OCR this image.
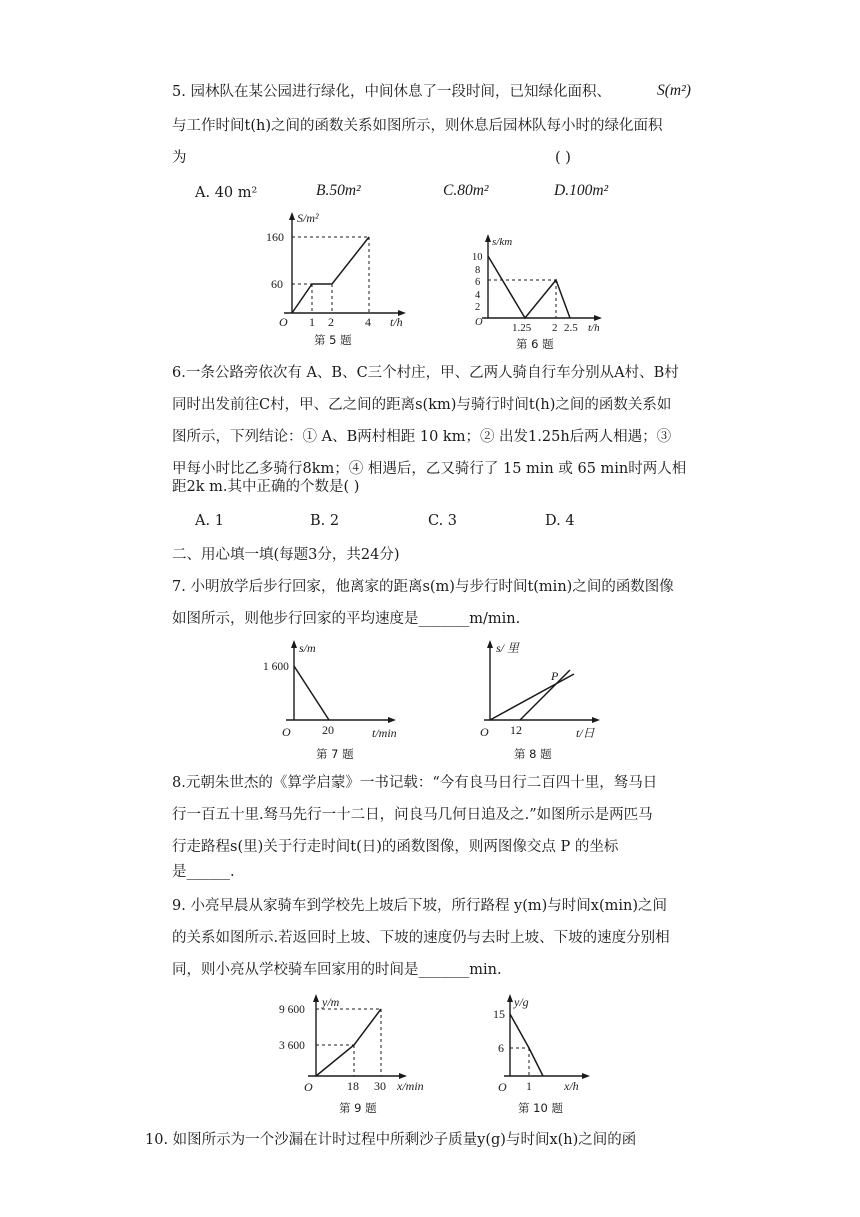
5. 园林队在某公园进行绿化，中间休息了一段时间，已知绿化面积、	S(m²)
与工作时间t(h)之间的函数关系如图所示，则休息后园林队每小时的绿化面积
为	( )
A. 40 m²	B.50m²	C.80m²	D.100m²
S/m²
160
60
O 1 2	4 t/h
第 5 题
s/km
10
8
6
4
2
O	1.25 2 2.5 t/h
第 6 题
6.一条公路旁依次有 A、B、C三个村庄，甲、乙两人骑自行车分别从A村、B村
同时出发前往C村，甲、乙之间的距离s(km)与骑行时间t(h)之间的函数关系如
图所示，下列结论：① A、B两村相距 10 km；② 出发1.25h后两人相遇；③
甲每小时比乙多骑行8km；④ 相遇后，乙又骑行了 15 min 或 65 min时两人相
距2k m.其中正确的个数是( )
A. 1	B. 2	C. 3	D. 4
二、用心填一填(每题3分，共24分)
7. 小明放学后步行回家，他离家的距离s(m)与步行时间t(min)之间的函数图像
如图所示，则他步行回家的平均速度是_______m/min.
s/m
1 600
O	20	t/min
第 7 题
s/ 里
P
O 12	t/日
第 8 题
8.元朝朱世杰的《算学启蒙》一书记载：“今有良马日行二百四十里，驽马日
行一百五十里.驽马先行一十二日，问良马几何日追及之.”如图所示是两匹马
行走路程s(里)关于行走时间t(日)的函数图像，则两图像交点 P 的坐标
是______.
9. 小亮早晨从家骑车到学校先上坡后下坡，所行路程 y(m)与时间x(min)之间
的关系如图所示.若返回时上坡、下坡的速度仍与去时上坡、下坡的速度分别相
同，则小亮从学校骑车回家用的时间是_______min.
y/m
9 600
3 600
O	18 30 x/min
第 9 题
y/g
15
6
O 1	x/h
第 10 题
10. 如图所示为一个沙漏在计时过程中所剩沙子质量y(g)与时间x(h)之间的函
